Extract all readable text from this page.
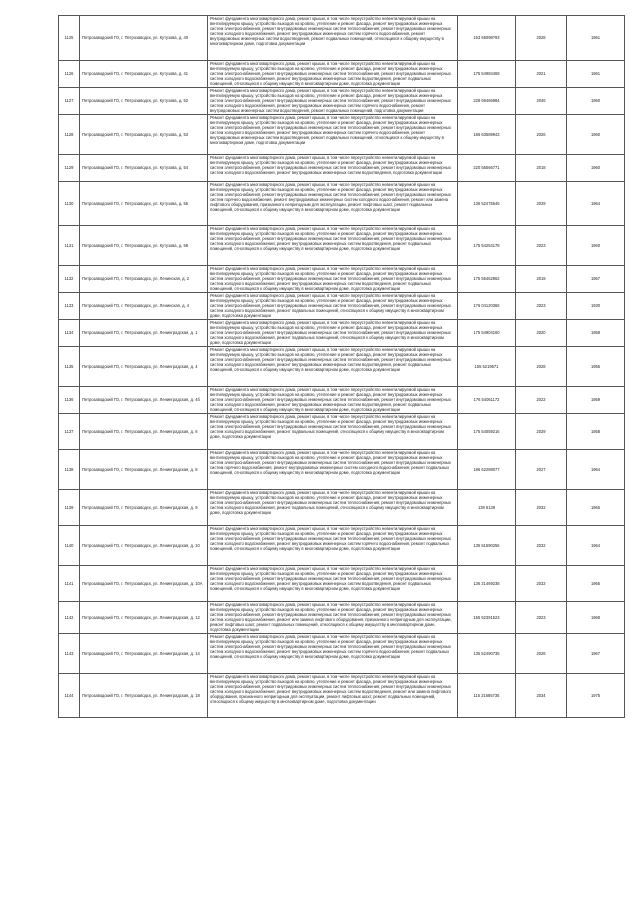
1125	Петрозаводский ГО, г. Петрозаводск, ул. Кутузова, д. 40	Ремонт фундамента многоквартирного дома, ремонт крыши, в том числе переустройство невентилируемой крыши на вентилируемую крышу, устройство выходов на кровлю, утепление и ремонт фасада, ремонт внутридомовых инженерных систем электроснабжения, ремонт внутридомовых инженерных систем теплоснабжения, ремонт внутридомовых инженерных систем холодного водоснабжения, ремонт внутридомовых инженерных систем горячего водоснабжения, ремонт внутридомовых инженерных систем водоотведения, ремонт подвальных помещений, относящихся к общему имуществу в многоквартирном доме, подготовка документации	153 55098?93	2028	1961
1126	Петрозаводский ГО, г. Петрозаводск, ул. Кутузова, д. 41	Ремонт фундамента многоквартирного дома, ремонт крыши, в том числе переустройство невентилируемой крыши на вентилируемую крышу, устройство выходов на кровлю, утепление и ремонт фасада, ремонт внутридомовых инженерных систем электроснабжения, ремонт внутридомовых инженерных систем теплоснабжения, ремонт внутридомовых инженерных систем холодного водоснабжения, ремонт внутридомовых инженерных систем водоотведения, ремонт подвальных помещений, относящихся к общему имуществу в многоквартирном доме, подготовка документации	175 54984469	2021	1961
1127	Петрозаводский ГО, г. Петрозаводск, ул. Кутузова, д. 52	Ремонт фундамента многоквартирного дома, ремонт крыши, в том числе переустройство невентилируемой крыши на вентилируемую крышу, устройство выходов на кровлю, утепление и ремонт фасада, ремонт внутридомовых инженерных систем электроснабжения, ремонт внутридомовых инженерных систем теплоснабжения, ремонт внутридомовых инженерных систем холодного водоснабжения, ремонт внутридомовых инженерных систем горячего водоснабжения, ремонт внутридомовых инженерных систем водоотведения, ремонт подвальных помещений, подготовка документации	228 69466984	2046	1960
1128	Петрозаводский ГО, г. Петрозаводск, ул. Кутузова, д. 53	Ремонт фундамента многоквартирного дома, ремонт крыши, в том числе переустройство невентилируемой крыши на вентилируемую крышу, устройство выходов на кровлю, утепление и ремонт фасада, ремонт внутридомовых инженерных систем электроснабжения, ремонт внутридомовых инженерных систем теплоснабжения, ремонт внутридомовых инженерных систем холодного водоснабжения, ремонт внутридомовых инженерных систем горячего водоснабжения, ремонт внутридомовых инженерных систем водоотведения, ремонт подвальных помещений, относящихся к общему имуществу в многоквартирном доме, подготовка документации	186 63589943	2026	1960
1129	Петрозаводский ГО, г. Петрозаводск, ул. Кутузова, д. 54	Ремонт фундамента многоквартирного дома, ремонт крыши, в том числе переустройство невентилируемой крыши на вентилируемую крышу, устройство выходов на кровлю, утепление и ремонт фасада, ремонт внутридомовых инженерных систем электроснабжения, ремонт внутридомовых инженерных систем теплоснабжения, ремонт внутридомовых инженерных систем холодного водоснабжения, ремонт внутридомовых инженерных систем водоотведения, подготовка документации	220 55566771	2018	1960
1130	Петрозаводский ГО, г. Петрозаводск, ул. Кутузова, д. 55	Ремонт фундамента многоквартирного дома, ремонт крыши, в том числе переустройство невентилируемой крыши на вентилируемую крышу, устройство выходов на кровлю, утепление и ремонт фасада, ремонт внутридомовых инженерных систем электроснабжения, ремонт внутридомовых инженерных систем теплоснабжения, ремонт внутридомовых инженерных систем горячего водоснабжения, ремонт внутридомовых инженерных систем холодного водоснабжения, ремонт или замена лифтового оборудования, признанного непригодным для эксплуатации, ремонт лифтовых шахт, ремонт подвальных помещений, относящихся к общему имуществу в многоквартирном доме, подготовка документации	136 52475646	2029	1964
1131	Петрозаводский ГО, г. Петрозаводск, ул. Кутузова, д. 58	Ремонт фундамента многоквартирного дома, ремонт крыши, в том числе переустройство невентилируемой крыши на вентилируемую крышу, устройство выходов на кровлю, утепление и ремонт фасада, ремонт внутридомовых инженерных систем электроснабжения, ремонт внутридомовых инженерных систем теплоснабжения, ремонт внутридомовых инженерных систем холодного водоснабжения, ремонт внутридомовых инженерных систем водоотведения, ремонт подвальных помещений, относящихся к общему имуществу в многоквартирном доме, подготовка документации	175 54254178	2023	1960
1132	Петрозаводский ГО, г. Петрозаводск, ул. Ленинская, д. 2	Ремонт фундамента многоквартирного дома, ремонт крыши, в том числе переустройство невентилируемой крыши на вентилируемую крышу, устройство выходов на кровлю, утепление и ремонт фасада, ремонт внутридомовых инженерных систем электроснабжения, ремонт внутридомовых инженерных систем теплоснабжения, ремонт внутридомовых инженерных систем холодного водоснабжения, ремонт внутридомовых инженерных систем водоотведения, ремонт подвальных помещений, относящихся к общему имуществу в многоквартирном доме, подготовка документации	175 55462862	2019	1957
1133	Петрозаводский ГО, г. Петрозаводск, ул. Ленинская, д. 4	Ремонт фундамента многоквартирного дома, ремонт крыши, в том числе переустройство невентилируемой крыши на вентилируемую крышу, устройство выходов на кровлю, утепление и ремонт фасада, ремонт внутридомовых инженерных систем электроснабжения, ремонт внутридомовых инженерных систем теплоснабжения, ремонт внутридомовых инженерных систем холодного водоснабжения, ремонт подвальных помещений, относящихся к общему имуществу в многоквартирном доме, подготовка документации	176 04120366	2023	1930
1134	Петрозаводский ГО, г. Петрозаводск, ул. Ленинградская, д. 1	Ремонт фундамента многоквартирного дома, ремонт крыши, в том числе переустройство невентилируемой крыши на вентилируемую крышу, устройство выходов на кровлю, утепление и ремонт фасада, ремонт внутридомовых инженерных систем электроснабжения, ремонт внутридомовых инженерных систем теплоснабжения, ремонт внутридомовых инженерных систем холодного водоснабжения, ремонт подвальных помещений, относящихся к общему имуществу в многоквартирном доме, подготовка документации	175 54904160	2020	1958
1135	Петрозаводский ГО, г. Петрозаводск, ул. Ленинградская, д. 4	Ремонт фундамента многоквартирного дома, ремонт крыши, в том числе переустройство невентилируемой крыши на вентилируемую крышу, устройство выходов на кровлю, утепление и ремонт фасада, ремонт внутридомовых инженерных систем электроснабжения, ремонт внутридомовых инженерных систем теплоснабжения, ремонт внутридомовых инженерных систем холодного водоснабжения, ремонт внутридомовых инженерных систем водоотведения, ремонт подвальных помещений, относящихся к общему имуществу в многоквартирном доме, подготовка документации	155 5219571	2028	1955
1136	Петрозаводский ГО, г. Петрозаводск, ул. Ленинградская, д. 4б	Ремонт фундамента многоквартирного дома, ремонт крыши, в том числе переустройство невентилируемой крыши на вентилируемую крышу, устройство выходов на кровлю, утепление и ремонт фасада, ремонт внутридомовых инженерных систем электроснабжения, ремонт внутридомовых инженерных систем теплоснабжения, ремонт внутридомовых инженерных систем холодного водоснабжения, ремонт внутридомовых инженерных систем водоотведения, ремонт подвальных помещений, относящихся к общему имуществу в многоквартирном доме, подготовка документации	176 54061172	2022	1959
1137	Петрозаводский ГО, г. Петрозаводск, ул. Ленинградская, д. 6	Ремонт фундамента многоквартирного дома, ремонт крыши, в том числе переустройство невентилируемой крыши на вентилируемую крышу, устройство выходов на кровлю, утепление и ремонт фасада, ремонт внутридомовых инженерных систем электроснабжения, ремонт внутридомовых инженерных систем теплоснабжения, ремонт внутридомовых инженерных систем холодного водоснабжения, ремонт подвальных помещений, относящихся к общему имуществу в многоквартирном доме, подготовка документации	175 54059216	2029	1958
1138	Петрозаводский ГО, г. Петрозаводск, ул. Ленинградская, д. 8	Ремонт фундамента многоквартирного дома, ремонт крыши, в том числе переустройство невентилируемой крыши на вентилируемую крышу, устройство выходов на кровлю, утепление и ремонт фасада, ремонт внутридомовых инженерных систем электроснабжения, ремонт внутридомовых инженерных систем теплоснабжения, ремонт внутридомовых инженерных систем горячего водоснабжения, ремонт внутридомовых инженерных систем холодного водоснабжения, ремонт подвальных помещений, относящихся к общему имуществу в многоквартирном доме, подготовка документации	186 62288077	2027	1964
1139	Петрозаводский ГО, г. Петрозаводск, ул. Ленинградская, д. 9	Ремонт фундамента многоквартирного дома, ремонт крыши, в том числе переустройство невентилируемой крыши на вентилируемую крышу, устройство выходов на кровлю, утепление и ремонт фасада, ремонт внутридомовых инженерных систем электроснабжения, ремонт внутридомовых инженерных систем теплоснабжения, ремонт внутридомовых инженерных систем холодного водоснабжения, ремонт подвальных помещений, относящихся к общему имуществу в многоквартирном доме, подготовка документации	139 6139	2032	1965
1140	Петрозаводский ГО, г. Петрозаводск, ул. Ленинградская, д. 10	Ремонт фундамента многоквартирного дома, ремонт крыши, в том числе переустройство невентилируемой крыши на вентилируемую крышу, устройство выходов на кровлю, утепление и ремонт фасада, ремонт внутридомовых инженерных систем электроснабжения, ремонт внутридомовых инженерных систем теплоснабжения, ремонт внутридомовых инженерных систем холодного водоснабжения, ремонт внутридомовых инженерных систем горячего водоснабжения, ремонт подвальных помещений, относящихся к общему имуществу в многоквартирном доме, подготовка документации	135 51590256	2032	1964
1141	Петрозаводский ГО, г. Петрозаводск, ул. Ленинградская, д. 10А	Ремонт фундамента многоквартирного дома, ремонт крыши, в том числе переустройство невентилируемой крыши на вентилируемую крышу, устройство выходов на кровлю, утепление и ремонт фасада, ремонт внутридомовых инженерных систем электроснабжения, ремонт внутридомовых инженерных систем теплоснабжения, ремонт внутридомовых инженерных систем холодного водоснабжения, ремонт внутридомовых инженерных систем водоотведения, ремонт подвальных помещений, относящихся к общему имуществу в многоквартирном доме, подготовка документации	136 21469238	2032	1965
1142	Петрозаводский ГО, г. Петрозаводск, ул. Ленинградская, д. 12	Ремонт фундамента многоквартирного дома, ремонт крыши, в том числе переустройство невентилируемой крыши на вентилируемую крышу, устройство выходов на кровлю, утепление и ремонт фасада, ремонт внутридомовых инженерных систем электроснабжения, ремонт внутридомовых инженерных систем теплоснабжения, ремонт внутридомовых инженерных систем холодного водоснабжения, ремонт или замена лифтового оборудования, признанного непригодным для эксплуатации, ремонт лифтовых шахт, ремонт подвальных помещений, относящихся к общему имуществу в многоквартирном доме, подготовка документации	155 52391523	2023	1968
1143	Петрозаводский ГО, г. Петрозаводск, ул. Ленинградская, д. 14	Ремонт фундамента многоквартирного дома, ремонт крыши, в том числе переустройство невентилируемой крыши на вентилируемую крышу, устройство выходов на кровлю, утепление и ремонт фасада, ремонт внутридомовых инженерных систем электроснабжения, ремонт внутридомовых инженерных систем теплоснабжения, ремонт внутридомовых инженерных систем холодного водоснабжения, ремонт внутридомовых инженерных систем горячего водоснабжения, ремонт подвальных помещений, относящихся к общему имуществу в многоквартирном доме, подготовка документации	135 52490735	2026	1967
1144	Петрозаводский ГО, г. Петрозаводск, ул. Ленинградская, д. 18	Ремонт фундамента многоквартирного дома, ремонт крыши, в том числе переустройство невентилируемой крыши на вентилируемую крышу, устройство выходов на кровлю, утепление и ремонт фасада, ремонт внутридомовых инженерных систем электроснабжения, ремонт внутридомовых инженерных систем теплоснабжения, ремонт внутридомовых инженерных систем холодного водоснабжения, ремонт внутридомовых инженерных систем водоотведения, ремонт или замена лифтового оборудования, признанного непригодным для эксплуатации, ремонт лифтовых шахт, ремонт подвальных помещений, относящихся к общему имуществу в многоквартирном доме, подготовка документации	115 21685735	2034	1975
